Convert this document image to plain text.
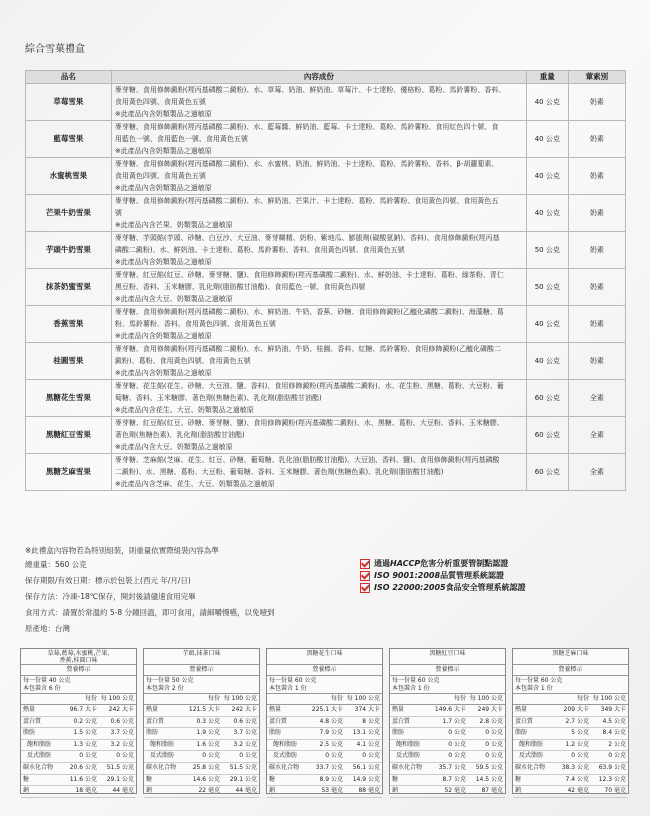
綜合雪菓禮盒
品名	內容成份	重量	葷素別
草莓雪果	麥芽糖、食用修飾澱粉(羥丙基磷酸二澱粉)、水、草莓、奶油、鮮奶油、草莓汁、卡士達粉、優格粉、葛粉、馬鈴薯粉、香料、
食用黃色四號、食用黃色五號
※此產品內含奶類製品之過敏原	40 公克	奶素
藍莓雪果	麥芽糖、食用修飾澱粉(羥丙基磷酸二澱粉)、水、藍莓醬、鮮奶油、藍莓、卡士達粉、葛粉、馬鈴薯粉、食用紅色四十號、食
用藍色一號、食用藍色一號、食用黃色五號
※此產品內含奶類製品之過敏原	40 公克	奶素
水蜜桃雪果	麥芽糖、食用修飾澱粉(羥丙基磷酸二澱粉)、水、水蜜桃、奶油、鮮奶油、卡士達粉、葛粉、馬鈴薯粉、香料、β-胡蘿蔔素、
食用黃色四號、食用黃色五號
※此產品內含奶類製品之過敏原	40 公克	奶素
芒果牛奶雪果	麥芽糖、食用修飾澱粉(羥丙基磷酸二澱粉)、水、鮮奶油、芒果汁、卡士達粉、葛粉、馬鈴薯粉、食用黃色四號、食用黃色五
號
※此產品內含芒果、奶類製品之過敏原	40 公克	奶素
芋頭牛奶雪果	麥芽糖、芋頭餡(芋頭、砂糖、白豆沙、大豆油、麥芽糊精、奶粉、紫地瓜、膨脹劑(碳酸氫鈉)、香料)、食用修飾澱粉(羥丙基
磷酸二澱粉)、水、鮮奶油、卡士達粉、葛粉、馬鈴薯粉、香料、食用黃色四號、食用黃色五號
※此產品內含奶類製品之過敏原	50 公克	奶素
抹茶奶蜜雪果	麥芽糖、紅豆餡(紅豆、砂糖、麥芽糖、鹽)、食用修飾澱粉(羥丙基磷酸二澱粉)、水、鮮奶油、卡士達粉、葛粉、綠茶粉、青仁
黑豆粉、香料、玉米糖膠、乳化劑(脂肪酸甘油酯)、食用藍色一號、食用黃色四號
※此產品內含大豆、奶類製品之過敏原	50 公克	奶素
香蕉雪果	麥芽糖、食用修飾澱粉(羥丙基磷酸二澱粉)、水、鮮奶油、牛奶、香蕉、砂糖、食用修飾澱粉(乙醯化磷酸二澱粉)、海藻糖、葛
粉、馬鈴薯粉、香料、食用黃色四號、食用黃色五號
※此產品內含奶類製品之過敏原	40 公克	奶素
桂圓雪果	麥芽糖、食用修飾澱粉(羥丙基磷酸二澱粉)、水、鮮奶油、牛奶、桂圓、香料、紅糖、馬鈴薯粉、食用修飾澱粉(乙醯化磷酸二
澱粉)、葛粉、食用黃色四號、食用黃色五號
※此產品內含奶類製品之過敏原	40 公克	奶素
黑糖花生雪果	麥芽糖、花生餡(花生、砂糖、大豆油、鹽、香料)、食用修飾澱粉(羥丙基磷酸二澱粉)、水、花生粉、黑糖、葛粉、大豆粉、葡
萄糖、香料、玉米糖膠、著色劑(焦糖色素)、乳化劑(脂肪酸甘油酯)
※此產品內含花生、大豆、奶類製品之過敏原	60 公克	全素
黑糖紅豆雪果	麥芽糖、紅豆餡(紅豆、砂糖、麥芽糖、鹽)、食用修飾澱粉(羥丙基磷酸二澱粉)、水、黑糖、葛粉、大豆粉、香料、玉米糖膠、
著色劑(焦糖色素)、乳化劑(脂肪酸甘油酯)
※此產品內含大豆、奶類製品之過敏原	60 公克	全素
黑糖芝麻雪果	麥芽糖、芝麻餡(芝麻、花生、紅豆、砂糖、葡萄糖、乳化油(脂肪酸甘油酯)、大豆油、香料、鹽)、食用修飾澱粉(羥丙基磷酸
二澱粉)、水、黑糖、葛粉、大豆粉、葡萄糖、香料、玉米糖膠、著色劑(焦糖色素)、乳化劑(脂肪酸甘油酯)
※此產品內含芝麻、花生、大豆、奶類製品之過敏原	60 公克	全素
※此禮盒內容物若為特別組裝，則重量依實際組裝內容為準
總重量：560 公克
保存期限/有效日期：標示於包裝上(西元 年/月/日)
保存方法：冷凍-18℃保存，開封後請儘速食用完畢
食用方式：請置於常溫約 5-8 分鐘回溫，即可食用，請細嚼慢嚥，以免噎到
原產地：台灣
通過 HACCP 危害分析重要管制點認證
ISO 9001:2008 品質管理系統認證
ISO 22000:2005 食品安全管理系統認證
草莓,藍莓,水蜜桃,芒果,
香蕉,桂圓口味
營養標示
每一份量 40 公克
本包裝含 6 份
每份 每 100 公克
熱量	96.7 大卡	242 大卡
蛋白質	0.2 公克	0.6 公克
脂肪	1.5 公克	3.7 公克
飽和脂肪	1.3 公克	3.2 公克
反式脂肪	0 公克	0 公克
碳水化合物	20.6 公克	51.5 公克
糖	11.6 公克	29.1 公克
鈉	18 毫克	44 毫克
芋頭,抹茶口味
營養標示
每一份量 50 公克
本包裝含 2 份
每份 每 100 公克
熱量	121.5 大卡	242 大卡
蛋白質	0.3 公克	0.6 公克
脂肪	1.9 公克	3.7 公克
飽和脂肪	1.6 公克	3.2 公克
反式脂肪	0 公克	0 公克
碳水化合物	25.8 公克	51.5 公克
糖	14.6 公克	29.1 公克
鈉	22 毫克	44 毫克
黑糖花生口味
營養標示
每一份量 60 公克
本包裝含 1 份
每份 每 100 公克
熱量	225.1 大卡	374 大卡
蛋白質	4.8 公克	8 公克
脂肪	7.9 公克	13.1 公克
飽和脂肪	2.5 公克	4.1 公克
反式脂肪	0 公克	0 公克
碳水化合物	33.7 公克	56.1 公克
糖	8.9 公克	14.9 公克
鈉	53 毫克	88 毫克
黑糖紅豆口味
營養標示
每一份量 60 公克
本包裝含 1 份
每份 每 100 公克
熱量	149.6 大卡	249 大卡
蛋白質	1.7 公克	2.8 公克
脂肪	0 公克	0 公克
飽和脂肪	0 公克	0 公克
反式脂肪	0 公克	0 公克
碳水化合物	35.7 公克	59.5 公克
糖	8.7 公克	14.5 公克
鈉	52 毫克	87 毫克
黑糖芝麻口味
營養標示
每一份量 60 公克
本包裝含 1 份
每份 每 100 公克
熱量	209 大卡	349 大卡
蛋白質	2.7 公克	4.5 公克
脂肪	5 公克	8.4 公克
飽和脂肪	1.2 公克	2 公克
反式脂肪	0 公克	0 公克
碳水化合物	38.3 公克	63.9 公克
糖	7.4 公克	12.3 公克
鈉	42 毫克	70 毫克
